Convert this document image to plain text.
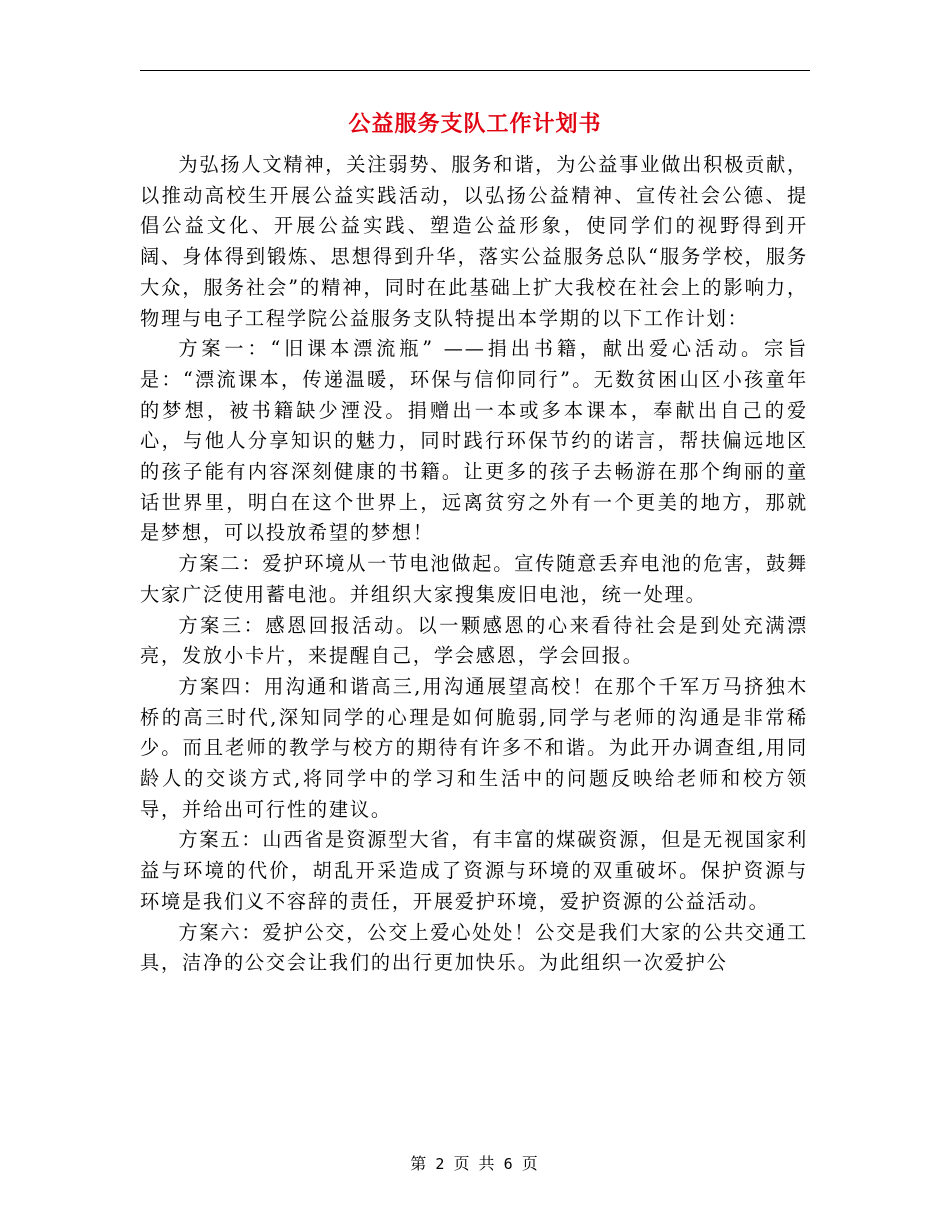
公益服务支队工作计划书

为弘扬人文精神，关注弱势、服务和谐，为公益事业做出积极贡献，以推动高校生开展公益实践活动，以弘扬公益精神、宣传社会公德、提倡公益文化、开展公益实践、塑造公益形象，使同学们的视野得到开阔、身体得到锻炼、思想得到升华，落实公益服务总队“服务学校，服务大众，服务社会”的精神，同时在此基础上扩大我校在社会上的影响力，物理与电子工程学院公益服务支队特提出本学期的以下工作计划：

方案一：“旧课本漂流瓶” ——捐出书籍，献出爱心活动。宗旨是：“漂流课本，传递温暖，环保与信仰同行”。无数贫困山区小孩童年的梦想，被书籍缺少湮没。捐赠出一本或多本课本，奉献出自己的爱心，与他人分享知识的魅力，同时践行环保节约的诺言，帮扶偏远地区的孩子能有内容深刻健康的书籍。让更多的孩子去畅游在那个绚丽的童话世界里，明白在这个世界上，远离贫穷之外有一个更美的地方，那就是梦想，可以投放希望的梦想！

方案二：爱护环境从一节电池做起。宣传随意丢弃电池的危害，鼓舞大家广泛使用蓄电池。并组织大家搜集废旧电池，统一处理。

方案三：感恩回报活动。以一颗感恩的心来看待社会是到处充满漂亮，发放小卡片，来提醒自己，学会感恩，学会回报。

方案四：用沟通和谐高三,用沟通展望高校！在那个千军万马挤独木桥的高三时代,深知同学的心理是如何脆弱,同学与老师的沟通是非常稀少。而且老师的教学与校方的期待有许多不和谐。为此开办调查组,用同龄人的交谈方式,将同学中的学习和生活中的问题反映给老师和校方领导，并给出可行性的建议。

方案五：山西省是资源型大省，有丰富的煤碳资源，但是无视国家利益与环境的代价，胡乱开采造成了资源与环境的双重破坏。保护资源与环境是我们义不容辞的责任，开展爱护环境，爱护资源的公益活动。

方案六：爱护公交，公交上爱心处处！公交是我们大家的公共交通工具，洁净的公交会让我们的出行更加快乐。为此组织一次爱护公

第 2 页 共 6 页
